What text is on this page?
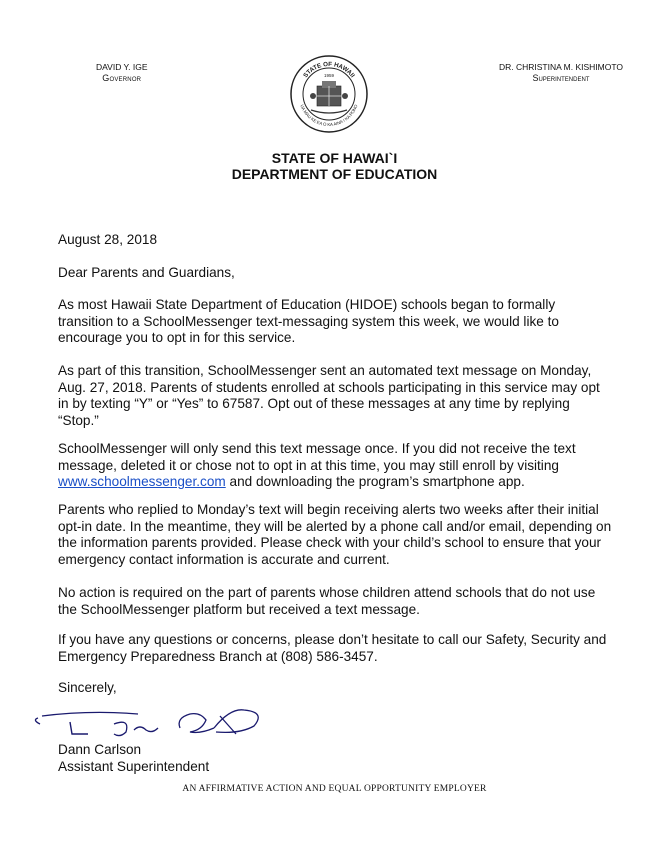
DAVID Y. IGE
Governor
DR. CHRISTINA M. KISHIMOTO
Superintendent
STATE OF HAWAII
UA MAU KE EA O KA AINA I KA PONO
1959
STATE OF HAWAI`I
DEPARTMENT OF EDUCATION
August 28, 2018
Dear Parents and Guardians,

As most Hawaii State Department of Education (HIDOE) schools began to formally transition to a SchoolMessenger text-messaging system this week, we would like to encourage you to opt in for this service.

As part of this transition, SchoolMessenger sent an automated text message on Monday, Aug. 27, 2018. Parents of students enrolled at schools participating in this service may opt in by texting “Y” or “Yes” to 67587. Opt out of these messages at any time by replying “Stop.”

SchoolMessenger will only send this text message once. If you did not receive the text message, deleted it or chose not to opt in at this time, you may still enroll by visiting www.schoolmessenger.com and downloading the program’s smartphone app.

Parents who replied to Monday’s text will begin receiving alerts two weeks after their initial opt-in date. In the meantime, they will be alerted by a phone call and/or email, depending on the information parents provided. Please check with your child’s school to ensure that your emergency contact information is accurate and current.

No action is required on the part of parents whose children attend schools that do not use the SchoolMessenger platform but received a text message.

If you have any questions or concerns, please don’t hesitate to call our Safety, Security and Emergency Preparedness Branch at (808) 586-3457.

Sincerely,
Dann Carlson
Assistant Superintendent
AN AFFIRMATIVE ACTION AND EQUAL OPPORTUNITY EMPLOYER
